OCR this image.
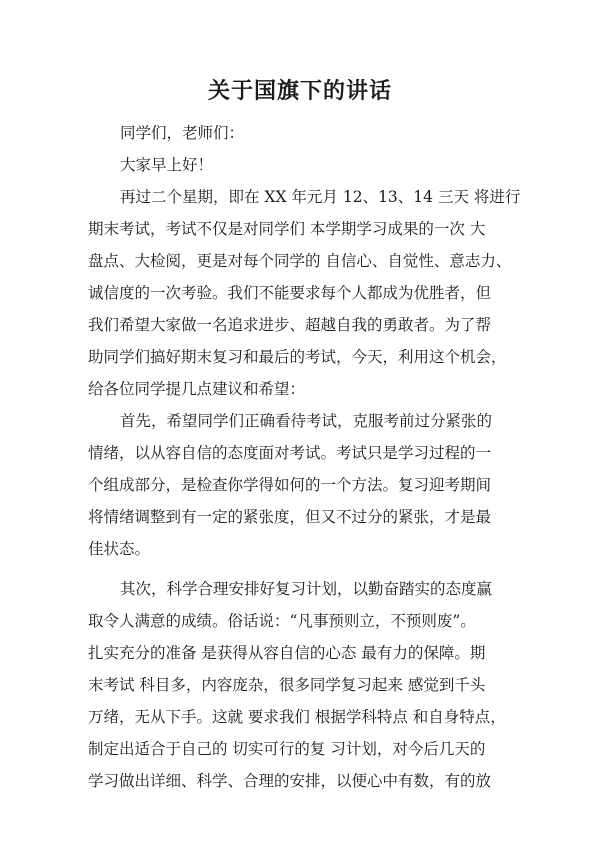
关于国旗下的讲话

同学们，老师们：

大家早上好！

再过二个星期，即在 XX 年元月 12、13、14 三天 将进行

期末考试，考试不仅是对同学们 本学期学习成果的一次 大

盘点、大检阅，更是对每个同学的 自信心、自觉性、意志力、

诚信度的一次考验。我们不能要求每个人都成为优胜者，但

我们希望大家做一名追求进步、超越自我的勇敢者。为了帮

助同学们搞好期末复习和最后的考试，今天，利用这个机会，

给各位同学提几点建议和希望：

首先，希望同学们正确看待考试，克服考前过分紧张的

情绪，以从容自信的态度面对考试。考试只是学习过程的一

个组成部分，是检查你学得如何的一个方法。复习迎考期间

将情绪调整到有一定的紧张度，但又不过分的紧张，才是最

佳状态。

其次，科学合理安排好复习计划，以勤奋踏实的态度赢

取令人满意的成绩。俗话说：“凡事预则立，不预则废”。

扎实充分的准备 是获得从容自信的心态 最有力的保障。期

末考试 科目多，内容庞杂，很多同学复习起来 感觉到千头

万绪，无从下手。这就 要求我们 根据学科特点 和自身特点，

制定出适合于自己的 切实可行的复 习计划，对今后几天的

学习做出详细、科学、合理的安排，以便心中有数，有的放
